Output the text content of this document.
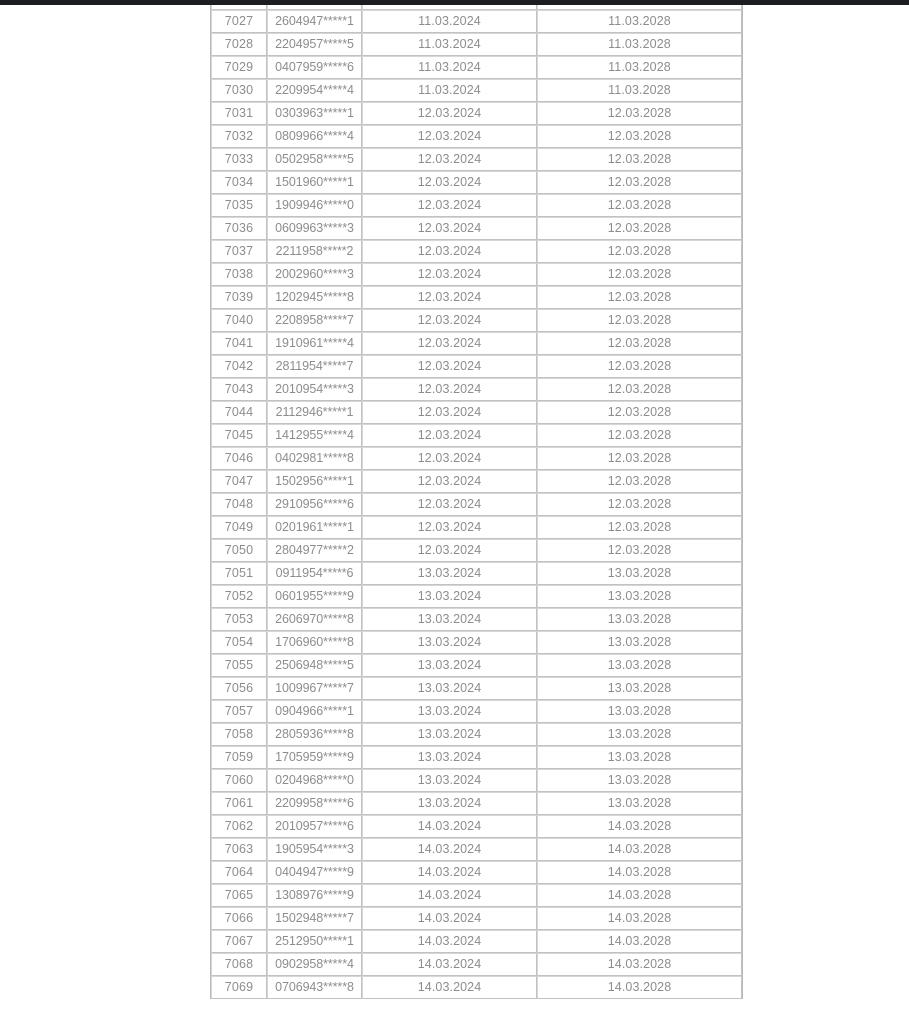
7027	2604947*****1	11.03.2024	11.03.2028
7028	2204957*****5	11.03.2024	11.03.2028
7029	0407959*****6	11.03.2024	11.03.2028
7030	2209954*****4	11.03.2024	11.03.2028
7031	0303963*****1	12.03.2024	12.03.2028
7032	0809966*****4	12.03.2024	12.03.2028
7033	0502958*****5	12.03.2024	12.03.2028
7034	1501960*****1	12.03.2024	12.03.2028
7035	1909946*****0	12.03.2024	12.03.2028
7036	0609963*****3	12.03.2024	12.03.2028
7037	2211958*****2	12.03.2024	12.03.2028
7038	2002960*****3	12.03.2024	12.03.2028
7039	1202945*****8	12.03.2024	12.03.2028
7040	2208958*****7	12.03.2024	12.03.2028
7041	1910961*****4	12.03.2024	12.03.2028
7042	2811954*****7	12.03.2024	12.03.2028
7043	2010954*****3	12.03.2024	12.03.2028
7044	2112946*****1	12.03.2024	12.03.2028
7045	1412955*****4	12.03.2024	12.03.2028
7046	0402981*****8	12.03.2024	12.03.2028
7047	1502956*****1	12.03.2024	12.03.2028
7048	2910956*****6	12.03.2024	12.03.2028
7049	0201961*****1	12.03.2024	12.03.2028
7050	2804977*****2	12.03.2024	12.03.2028
7051	0911954*****6	13.03.2024	13.03.2028
7052	0601955*****9	13.03.2024	13.03.2028
7053	2606970*****8	13.03.2024	13.03.2028
7054	1706960*****8	13.03.2024	13.03.2028
7055	2506948*****5	13.03.2024	13.03.2028
7056	1009967*****7	13.03.2024	13.03.2028
7057	0904966*****1	13.03.2024	13.03.2028
7058	2805936*****8	13.03.2024	13.03.2028
7059	1705959*****9	13.03.2024	13.03.2028
7060	0204968*****0	13.03.2024	13.03.2028
7061	2209958*****6	13.03.2024	13.03.2028
7062	2010957*****6	14.03.2024	14.03.2028
7063	1905954*****3	14.03.2024	14.03.2028
7064	0404947*****9	14.03.2024	14.03.2028
7065	1308976*****9	14.03.2024	14.03.2028
7066	1502948*****7	14.03.2024	14.03.2028
7067	2512950*****1	14.03.2024	14.03.2028
7068	0902958*****4	14.03.2024	14.03.2028
7069	0706943*****8	14.03.2024	14.03.2028
